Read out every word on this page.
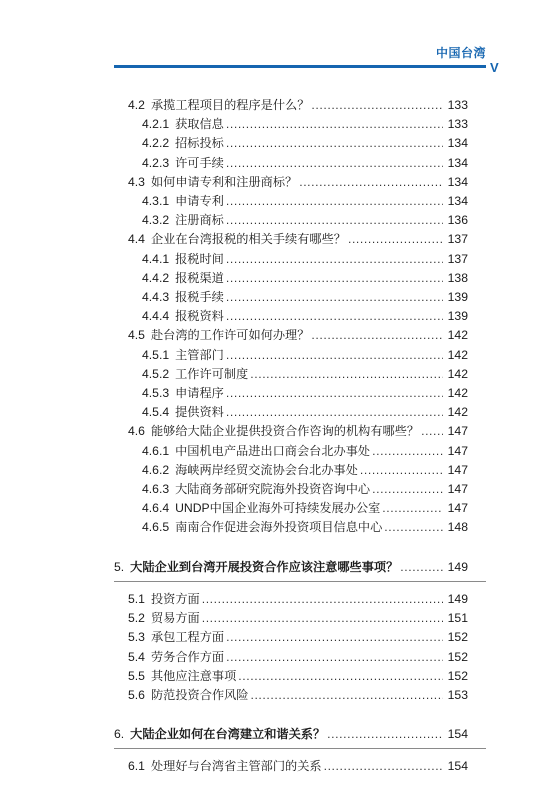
中国台湾
V
4.2 承揽工程项目的程序是什么？ .....	133
4.2.1 获取信息 .....	133
4.2.2 招标投标 .....	134
4.2.3 许可手续 .....	134
4.3 如何申请专利和注册商标？ .....	134
4.3.1 申请专利 .....	134
4.3.2 注册商标 .....	136
4.4 企业在台湾报税的相关手续有哪些？ .....	137
4.4.1 报税时间 .....	137
4.4.2 报税渠道 .....	138
4.4.3 报税手续 .....	139
4.4.4 报税资料 .....	139
4.5 赴台湾的工作许可如何办理？ .....	142
4.5.1 主管部门 .....	142
4.5.2 工作许可制度 .....	142
4.5.3 申请程序 .....	142
4.5.4 提供资料 .....	142
4.6 能够给大陆企业提供投资合作咨询的机构有哪些？ ..... 147
4.6.1 中国机电产品进出口商会台北办事处 .....	147
4.6.2 海峡两岸经贸交流协会台北办事处 .....	147
4.6.3 大陆商务部研究院海外投资咨询中心 .....	147
4.6.4 UNDP中国企业海外可持续发展办公室 .....	147
4.6.5 南南合作促进会海外投资项目信息中心 .....	148
5. 大陆企业到台湾开展投资合作应该注意哪些事项？ .....	149
5.1 投资方面 .....	149
5.2 贸易方面 .....	151
5.3 承包工程方面 .....	152
5.4 劳务合作方面 .....	152
5.5 其他应注意事项 .....	152
5.6 防范投资合作风险 .....	153
6. 大陆企业如何在台湾建立和谐关系？ .....	154
6.1 处理好与台湾省主管部门的关系 .....	154
